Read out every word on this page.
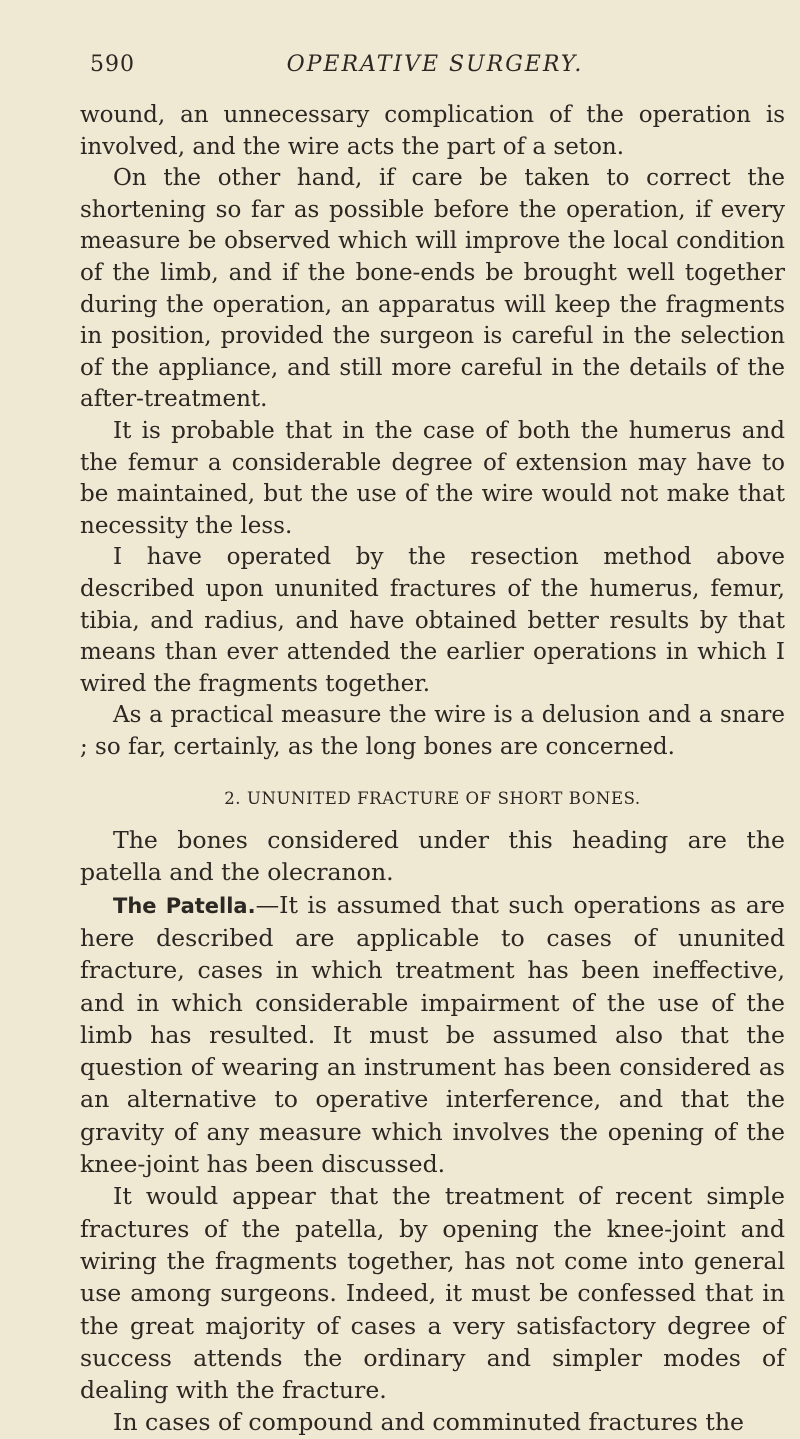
590	OPERATIVE SURGERY.

wound, an unnecessary complication of the operation is involved, and the wire acts the part of a seton.

On the other hand, if care be taken to correct the shortening so far as possible before the operation, if every measure be observed which will improve the local condition of the limb, and if the bone-ends be brought well together during the operation, an apparatus will keep the fragments in position, provided the surgeon is careful in the selection of the appliance, and still more careful in the details of the after-treatment.

It is probable that in the case of both the humerus and the femur a considerable degree of extension may have to be maintained, but the use of the wire would not make that necessity the less.

I have operated by the resection method above described upon ununited fractures of the humerus, femur, tibia, and radius, and have obtained better results by that means than ever attended the earlier operations in which I wired the fragments together.

As a practical measure the wire is a delusion and a snare ; so far, certainly, as the long bones are concerned.

2. UNUNITED FRACTURE OF SHORT BONES.

The bones considered under this heading are the patella and the olecranon.

The Patella.—It is assumed that such operations as are here described are applicable to cases of ununited fracture, cases in which treatment has been ineffective, and in which considerable impairment of the use of the limb has resulted. It must be assumed also that the question of wearing an instrument has been considered as an alternative to operative interference, and that the gravity of any measure which involves the opening of the knee-joint has been discussed.

It would appear that the treatment of recent simple fractures of the patella, by opening the knee-joint and wiring the fragments together, has not come into general use among surgeons. Indeed, it must be confessed that in the great majority of cases a very satisfactory degree of success attends the ordinary and simpler modes of dealing with the fracture.

In cases of compound and comminuted fractures the
